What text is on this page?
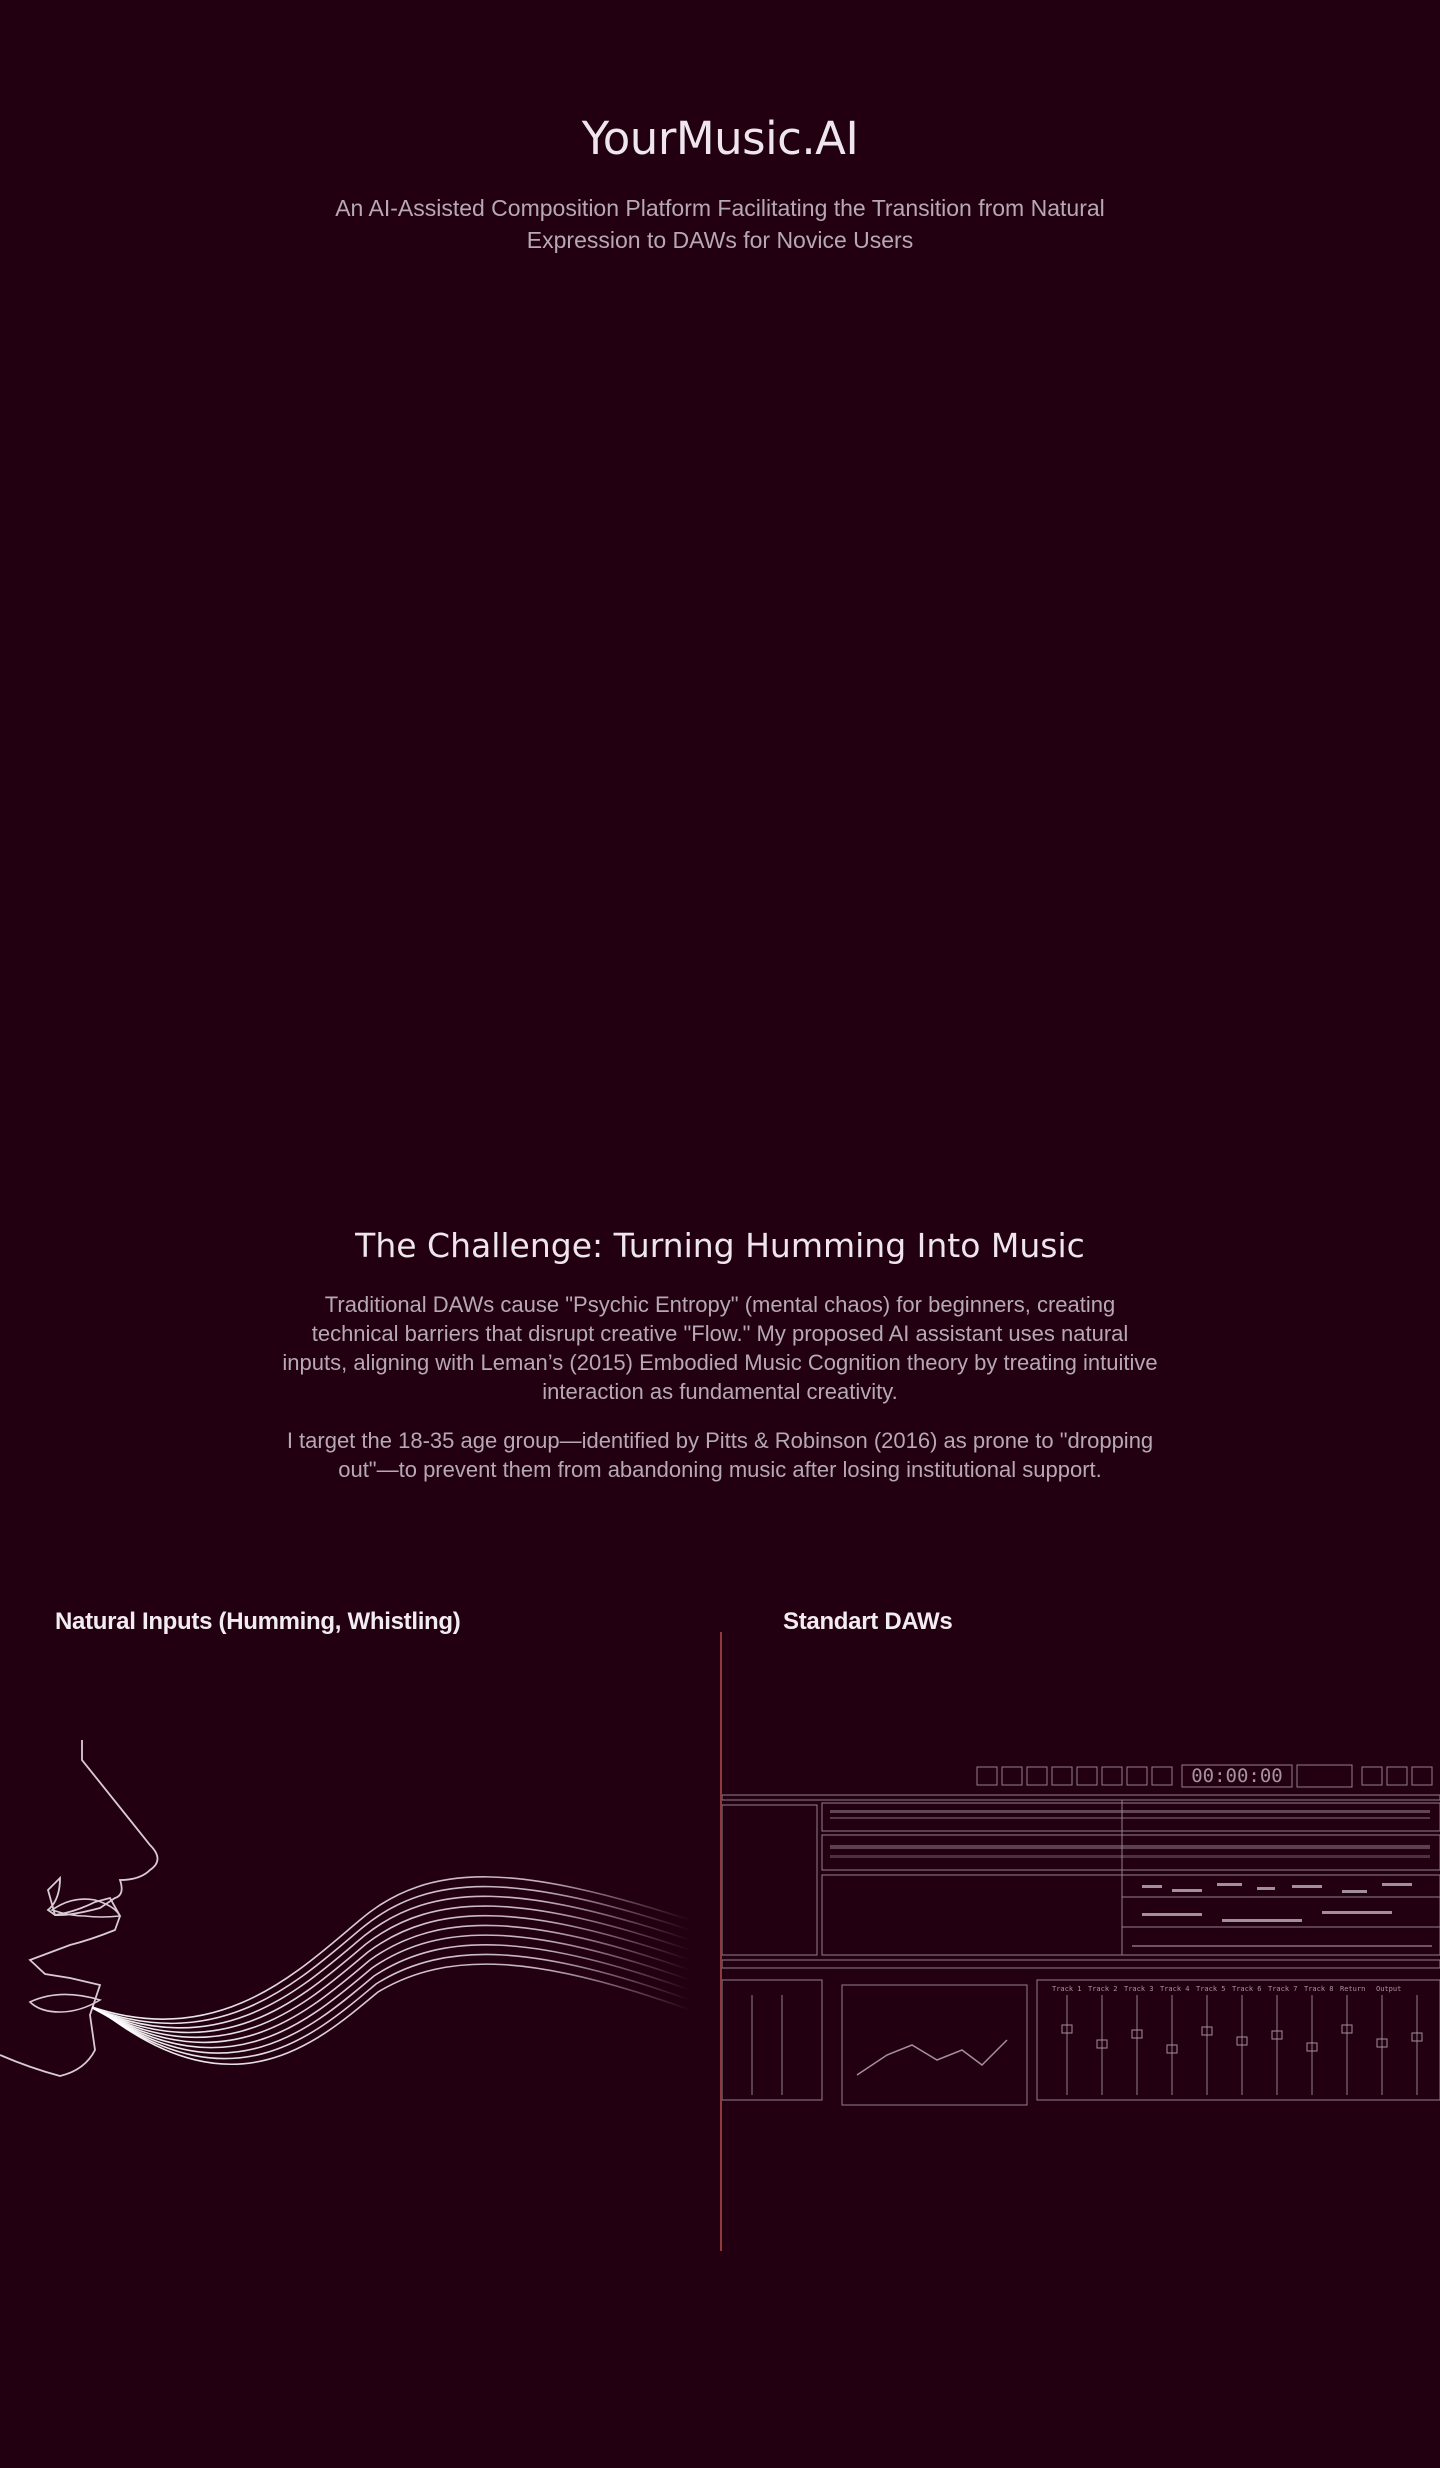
YourMusic.AI

An AI-Assisted Composition Platform Facilitating the Transition from Natural Expression to DAWs for Novice Users

The Challenge: Turning Humming Into Music

Traditional DAWs cause "Psychic Entropy" (mental chaos) for beginners, creating technical barriers that disrupt creative "Flow." My proposed AI assistant uses natural inputs, aligning with Leman’s (2015) Embodied Music Cognition theory by treating intuitive interaction as fundamental creativity.

I target the 18-35 age group—identified by Pitts & Robinson (2016) as prone to "dropping out"—to prevent them from abandoning music after losing institutional support.

Natural Inputs (Humming, Whistling)	Standart DAWs
00:00:00
Track 1 Track 2 Track 3 Track 4 Track 5 Track 6 Track 7 Track 8 Return Output
